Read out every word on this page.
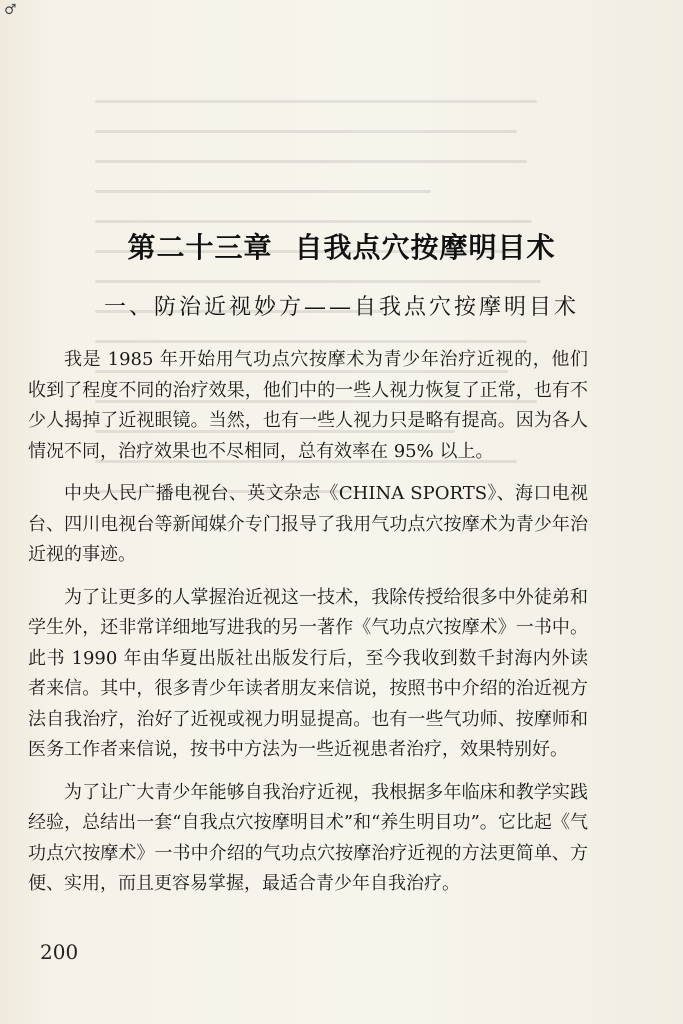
♂
第二十三章 自我点穴按摩明目术
一、防治近视妙方——自我点穴按摩明目术

我是 1985 年开始用气功点穴按摩术为青少年治疗近视的，他们收到了程度不同的治疗效果，他们中的一些人视力恢复了正常，也有不少人揭掉了近视眼镜。当然，也有一些人视力只是略有提高。因为各人情况不同，治疗效果也不尽相同，总有效率在 95% 以上。

中央人民广播电视台、英文杂志《CHINA SPORTS》、海口电视台、四川电视台等新闻媒介专门报导了我用气功点穴按摩术为青少年治近视的事迹。

为了让更多的人掌握治近视这一技术，我除传授给很多中外徒弟和学生外，还非常详细地写进我的另一著作《气功点穴按摩术》一书中。此书 1990 年由华夏出版社出版发行后，至今我收到数千封海内外读者来信。其中，很多青少年读者朋友来信说，按照书中介绍的治近视方法自我治疗，治好了近视或视力明显提高。也有一些气功师、按摩师和医务工作者来信说，按书中方法为一些近视患者治疗，效果特别好。

为了让广大青少年能够自我治疗近视，我根据多年临床和教学实践经验，总结出一套“自我点穴按摩明目术”和“养生明目功”。它比起《气功点穴按摩术》一书中介绍的气功点穴按摩治疗近视的方法更简单、方便、实用，而且更容易掌握，最适合青少年自我治疗。

200
